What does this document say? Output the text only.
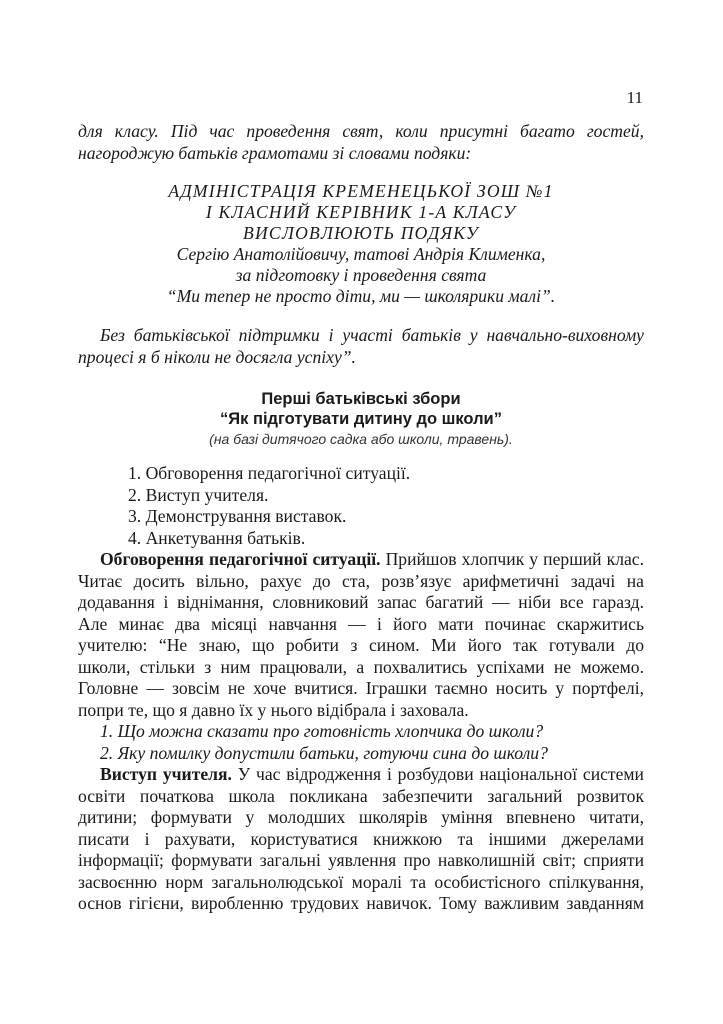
11

для класу. Під час проведення свят, коли присутні багато гостей,

нагороджую батьків грамотами зі словами подяки:

АДМІНІСТРАЦІЯ КРЕМЕНЕЦЬКОЇ ЗОШ №1
І КЛАСНИЙ КЕРІВНИК 1-А КЛАСУ
ВИСЛОВЛЮЮТЬ ПОДЯКУ
Сергію Анатолійовичу, татові Андрія Клименка,
за підготовку і проведення свята
“Ми тепер не просто діти, ми — школярики малі”.

Без батьківської підтримки і участі батьків у навчально-виховному

процесі я б ніколи не досягла успіху”.

Перші батьківські збори
“Як підготувати дитину до школи”
(на базі дитячого садка або школи, травень).
1. Обговорення педагогічної ситуації.
2. Виступ учителя.
3. Демонстрування виставок.
4. Анкетування батьків.

Обговорення педагогічної ситуації. Прийшов хлопчик у перший клас.

Читає досить вільно, рахує до ста, розв’язує арифметичні задачі на

додавання і віднімання, словниковий запас багатий — ніби все гаразд.

Але минає два місяці навчання — і його мати починає скаржитись

учителю: “Не знаю, що робити з сином. Ми його так готували до

школи, стільки з ним працювали, а похвалитись успіхами не можемо.

Головне — зовсім не хоче вчитися. Іграшки таємно носить у портфелі,

попри те, що я давно їх у нього відібрала і заховала.

1. Що можна сказати про готовність хлопчика до школи?

2. Яку помилку допустили батьки, готуючи сина до школи?

Виступ учителя. У час відродження і розбудови національної системи

освіти початкова школа покликана забезпечити загальний розвиток

дитини; формувати у молодших школярів уміння впевнено читати,

писати і рахувати, користуватися книжкою та іншими джерелами

інформації; формувати загальні уявлення про навколишній світ; сприяти

засвоєнню норм загальнолюдської моралі та особистісного спілкування,

основ гігієни, виробленню трудових навичок. Тому важливим завданням
